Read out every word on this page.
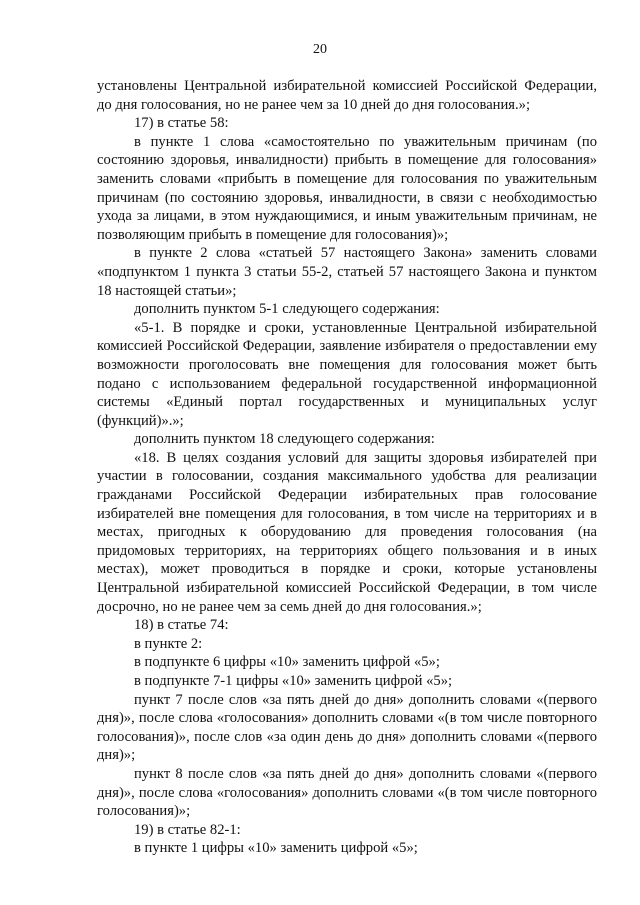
20

установлены Центральной избирательной комиссией Российской Федерации, до дня голосования, но не ранее чем за 10 дней до дня голосования.»;

17) в статье 58:

в пункте 1 слова «самостоятельно по уважительным причинам (по состоянию здоровья, инвалидности) прибыть в помещение для голосования» заменить словами «прибыть в помещение для голосования по уважительным причинам (по состоянию здоровья, инвалидности, в связи с необходимостью ухода за лицами, в этом нуждающимися, и иным уважительным причинам, не позволяющим прибыть в помещение для голосования)»;

в пункте 2 слова «статьей 57 настоящего Закона» заменить словами «подпунктом 1 пункта 3 статьи 55-2, статьей 57 настоящего Закона и пунктом 18 настоящей статьи»;

дополнить пунктом 5-1 следующего содержания:

«5-1. В порядке и сроки, установленные Центральной избирательной комиссией Российской Федерации, заявление избирателя о предоставлении ему возможности проголосовать вне помещения для голосования может быть подано с использованием федеральной государственной информационной системы «Единый портал государственных и муниципальных услуг (функций)».»;

дополнить пунктом 18 следующего содержания:

«18. В целях создания условий для защиты здоровья избирателей при участии в голосовании, создания максимального удобства для реализации гражданами Российской Федерации избирательных прав голосование избирателей вне помещения для голосования, в том числе на территориях и в местах, пригодных к оборудованию для проведения голосования (на придомовых территориях, на территориях общего пользования и в иных местах), может проводиться в порядке и сроки, которые установлены Центральной избирательной комиссией Российской Федерации, в том числе досрочно, но не ранее чем за семь дней до дня голосования.»;

18) в статье 74:

в пункте 2:

в подпункте 6 цифры «10» заменить цифрой «5»;

в подпункте 7-1 цифры «10» заменить цифрой «5»;

пункт 7 после слов «за пять дней до дня» дополнить словами «(первого дня)», после слова «голосования» дополнить словами «(в том числе повторного голосования)», после слов «за один день до дня» дополнить словами «(первого дня)»;

пункт 8 после слов «за пять дней до дня» дополнить словами «(первого дня)», после слова «голосования» дополнить словами «(в том числе повторного голосования)»;

19) в статье 82-1:

в пункте 1 цифры «10» заменить цифрой «5»;
